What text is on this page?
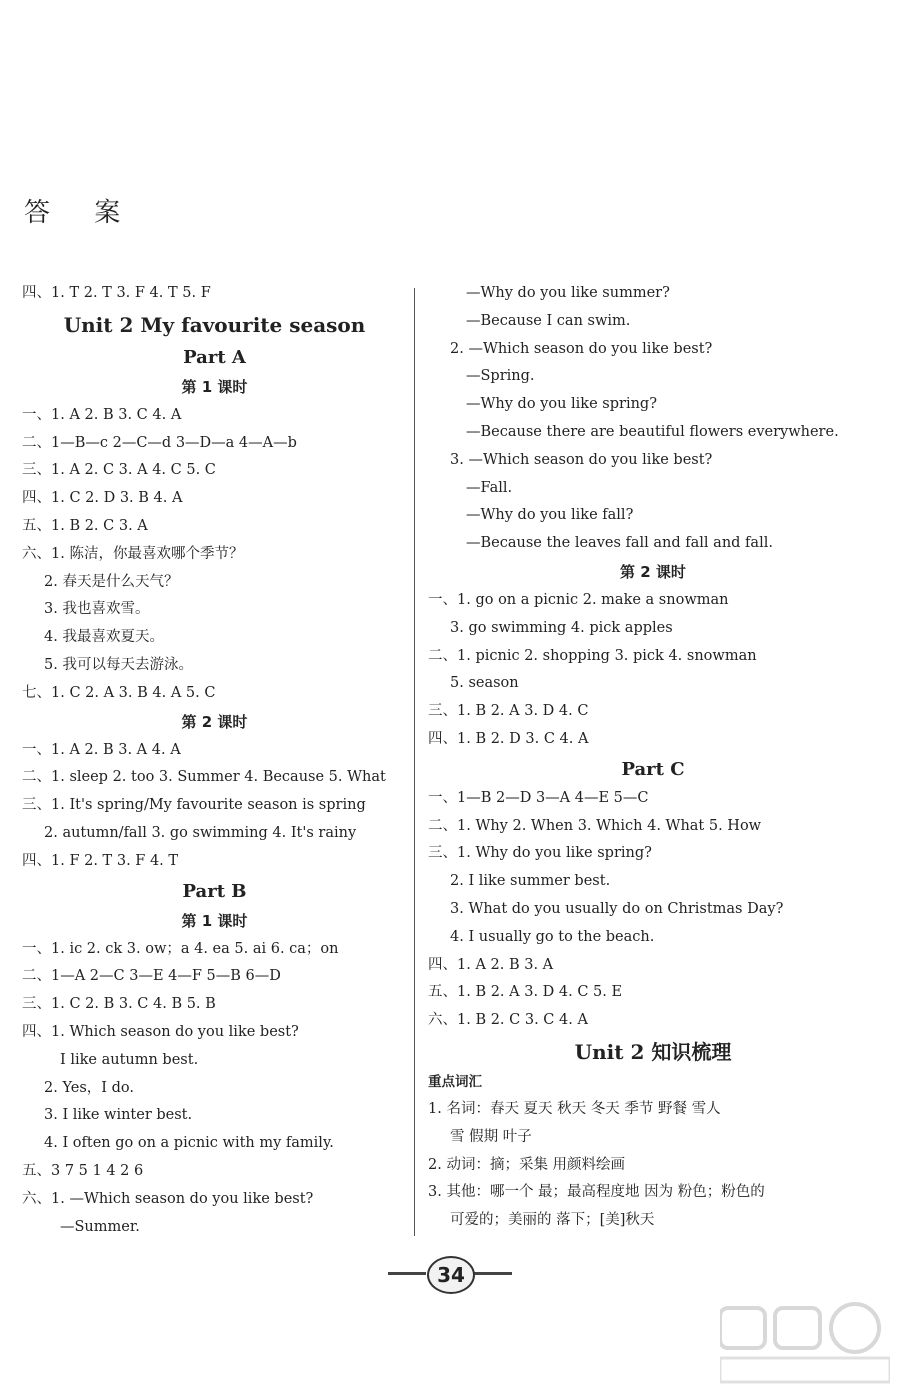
答 案
四、1. T 2. T 3. F 4. T 5. F
Unit 2 My favourite season
Part A
第 1 课时
一、1. A 2. B 3. C 4. A
二、1—B—c 2—C—d 3—D—a 4—A—b
三、1. A 2. C 3. A 4. C 5. C
四、1. C 2. D 3. B 4. A
五、1. B 2. C 3. A
六、1. 陈洁，你最喜欢哪个季节？
2. 春天是什么天气？
3. 我也喜欢雪。
4. 我最喜欢夏天。
5. 我可以每天去游泳。
七、1. C 2. A 3. B 4. A 5. C
第 2 课时
一、1. A 2. B 3. A 4. A
二、1. sleep 2. too 3. Summer 4. Because 5. What
三、1. It's spring/My favourite season is spring
2. autumn/fall 3. go swimming 4. It's rainy
四、1. F 2. T 3. F 4. T
Part B
第 1 课时
一、1. ic 2. ck 3. ow；a 4. ea 5. ai 6. ca；on
二、1—A 2—C 3—E 4—F 5—B 6—D
三、1. C 2. B 3. C 4. B 5. B
四、1. Which season do you like best?
I like autumn best.
2. Yes，I do.
3. I like winter best.
4. I often go on a picnic with my family.
五、3 7 5 1 4 2 6
六、1. —Which season do you like best?
—Summer.
—Why do you like summer?
—Because I can swim.
2. —Which season do you like best?
—Spring.
—Why do you like spring?
—Because there are beautiful flowers everywhere.
3. —Which season do you like best?
—Fall.
—Why do you like fall?
—Because the leaves fall and fall and fall.
第 2 课时
一、1. go on a picnic 2. make a snowman
3. go swimming 4. pick apples
二、1. picnic 2. shopping 3. pick 4. snowman
5. season
三、1. B 2. A 3. D 4. C
四、1. B 2. D 3. C 4. A
Part C
一、1—B 2—D 3—A 4—E 5—C
二、1. Why 2. When 3. Which 4. What 5. How
三、1. Why do you like spring?
2. I like summer best.
3. What do you usually do on Christmas Day?
4. I usually go to the beach.
四、1. A 2. B 3. A
五、1. B 2. A 3. D 4. C 5. E
六、1. B 2. C 3. C 4. A
Unit 2 知识梳理
重点词汇
1. 名词：春天 夏天 秋天 冬天 季节 野餐 雪人
雪 假期 叶子
2. 动词：摘；采集 用颜料绘画
3. 其他：哪一个 最；最高程度地 因为 粉色；粉色的
可爱的；美丽的 落下；[美]秋天
34
